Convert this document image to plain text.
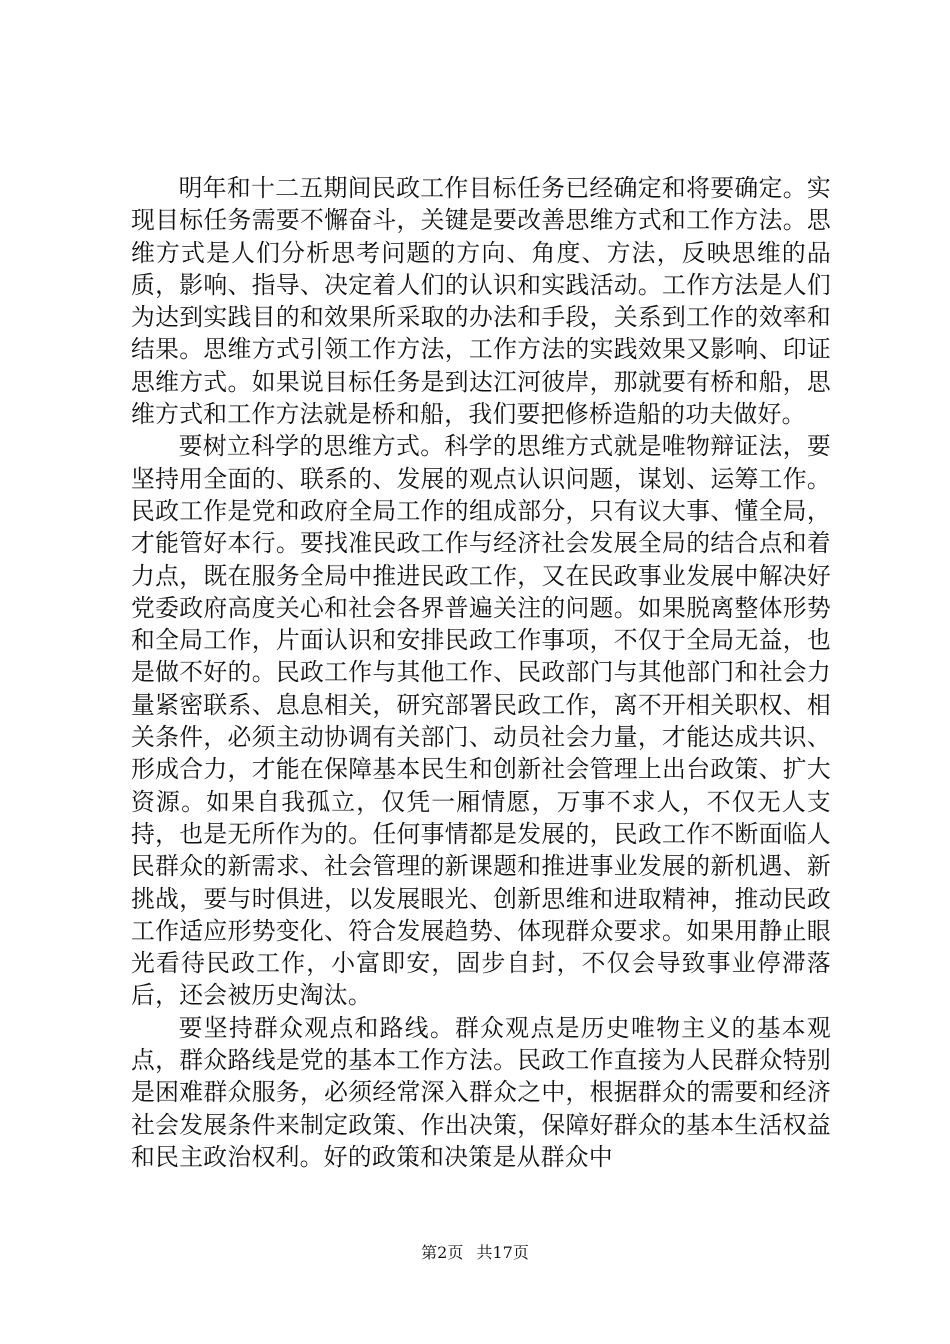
明年和十二五期间民政工作目标任务已经确定和将要确定。实现目标任务需要不懈奋斗，关键是要改善思维方式和工作方法。思维方式是人们分析思考问题的方向、角度、方法，反映思维的品质，影响、指导、决定着人们的认识和实践活动。工作方法是人们为达到实践目的和效果所采取的办法和手段，关系到工作的效率和结果。思维方式引领工作方法，工作方法的实践效果又影响、印证思维方式。如果说目标任务是到达江河彼岸，那就要有桥和船，思维方式和工作方法就是桥和船，我们要把修桥造船的功夫做好。

要树立科学的思维方式。科学的思维方式就是唯物辩证法，要坚持用全面的、联系的、发展的观点认识问题，谋划、运筹工作。民政工作是党和政府全局工作的组成部分，只有议大事、懂全局，才能管好本行。要找准民政工作与经济社会发展全局的结合点和着力点，既在服务全局中推进民政工作，又在民政事业发展中解决好党委政府高度关心和社会各界普遍关注的问题。如果脱离整体形势和全局工作，片面认识和安排民政工作事项，不仅于全局无益，也是做不好的。民政工作与其他工作、民政部门与其他部门和社会力量紧密联系、息息相关，研究部署民政工作，离不开相关职权、相关条件，必须主动协调有关部门、动员社会力量，才能达成共识、形成合力，才能在保障基本民生和创新社会管理上出台政策、扩大资源。如果自我孤立，仅凭一厢情愿，万事不求人，不仅无人支持，也是无所作为的。任何事情都是发展的，民政工作不断面临人民群众的新需求、社会管理的新课题和推进事业发展的新机遇、新挑战，要与时俱进，以发展眼光、创新思维和进取精神，推动民政工作适应形势变化、符合发展趋势、体现群众要求。如果用静止眼光看待民政工作，小富即安，固步自封，不仅会导致事业停滞落后，还会被历史淘汰。

要坚持群众观点和路线。群众观点是历史唯物主义的基本观点，群众路线是党的基本工作方法。民政工作直接为人民群众特别是困难群众服务，必须经常深入群众之中，根据群众的需要和经济社会发展条件来制定政策、作出决策，保障好群众的基本生活权益和民主政治权利。好的政策和决策是从群众中

第2页 共17页
